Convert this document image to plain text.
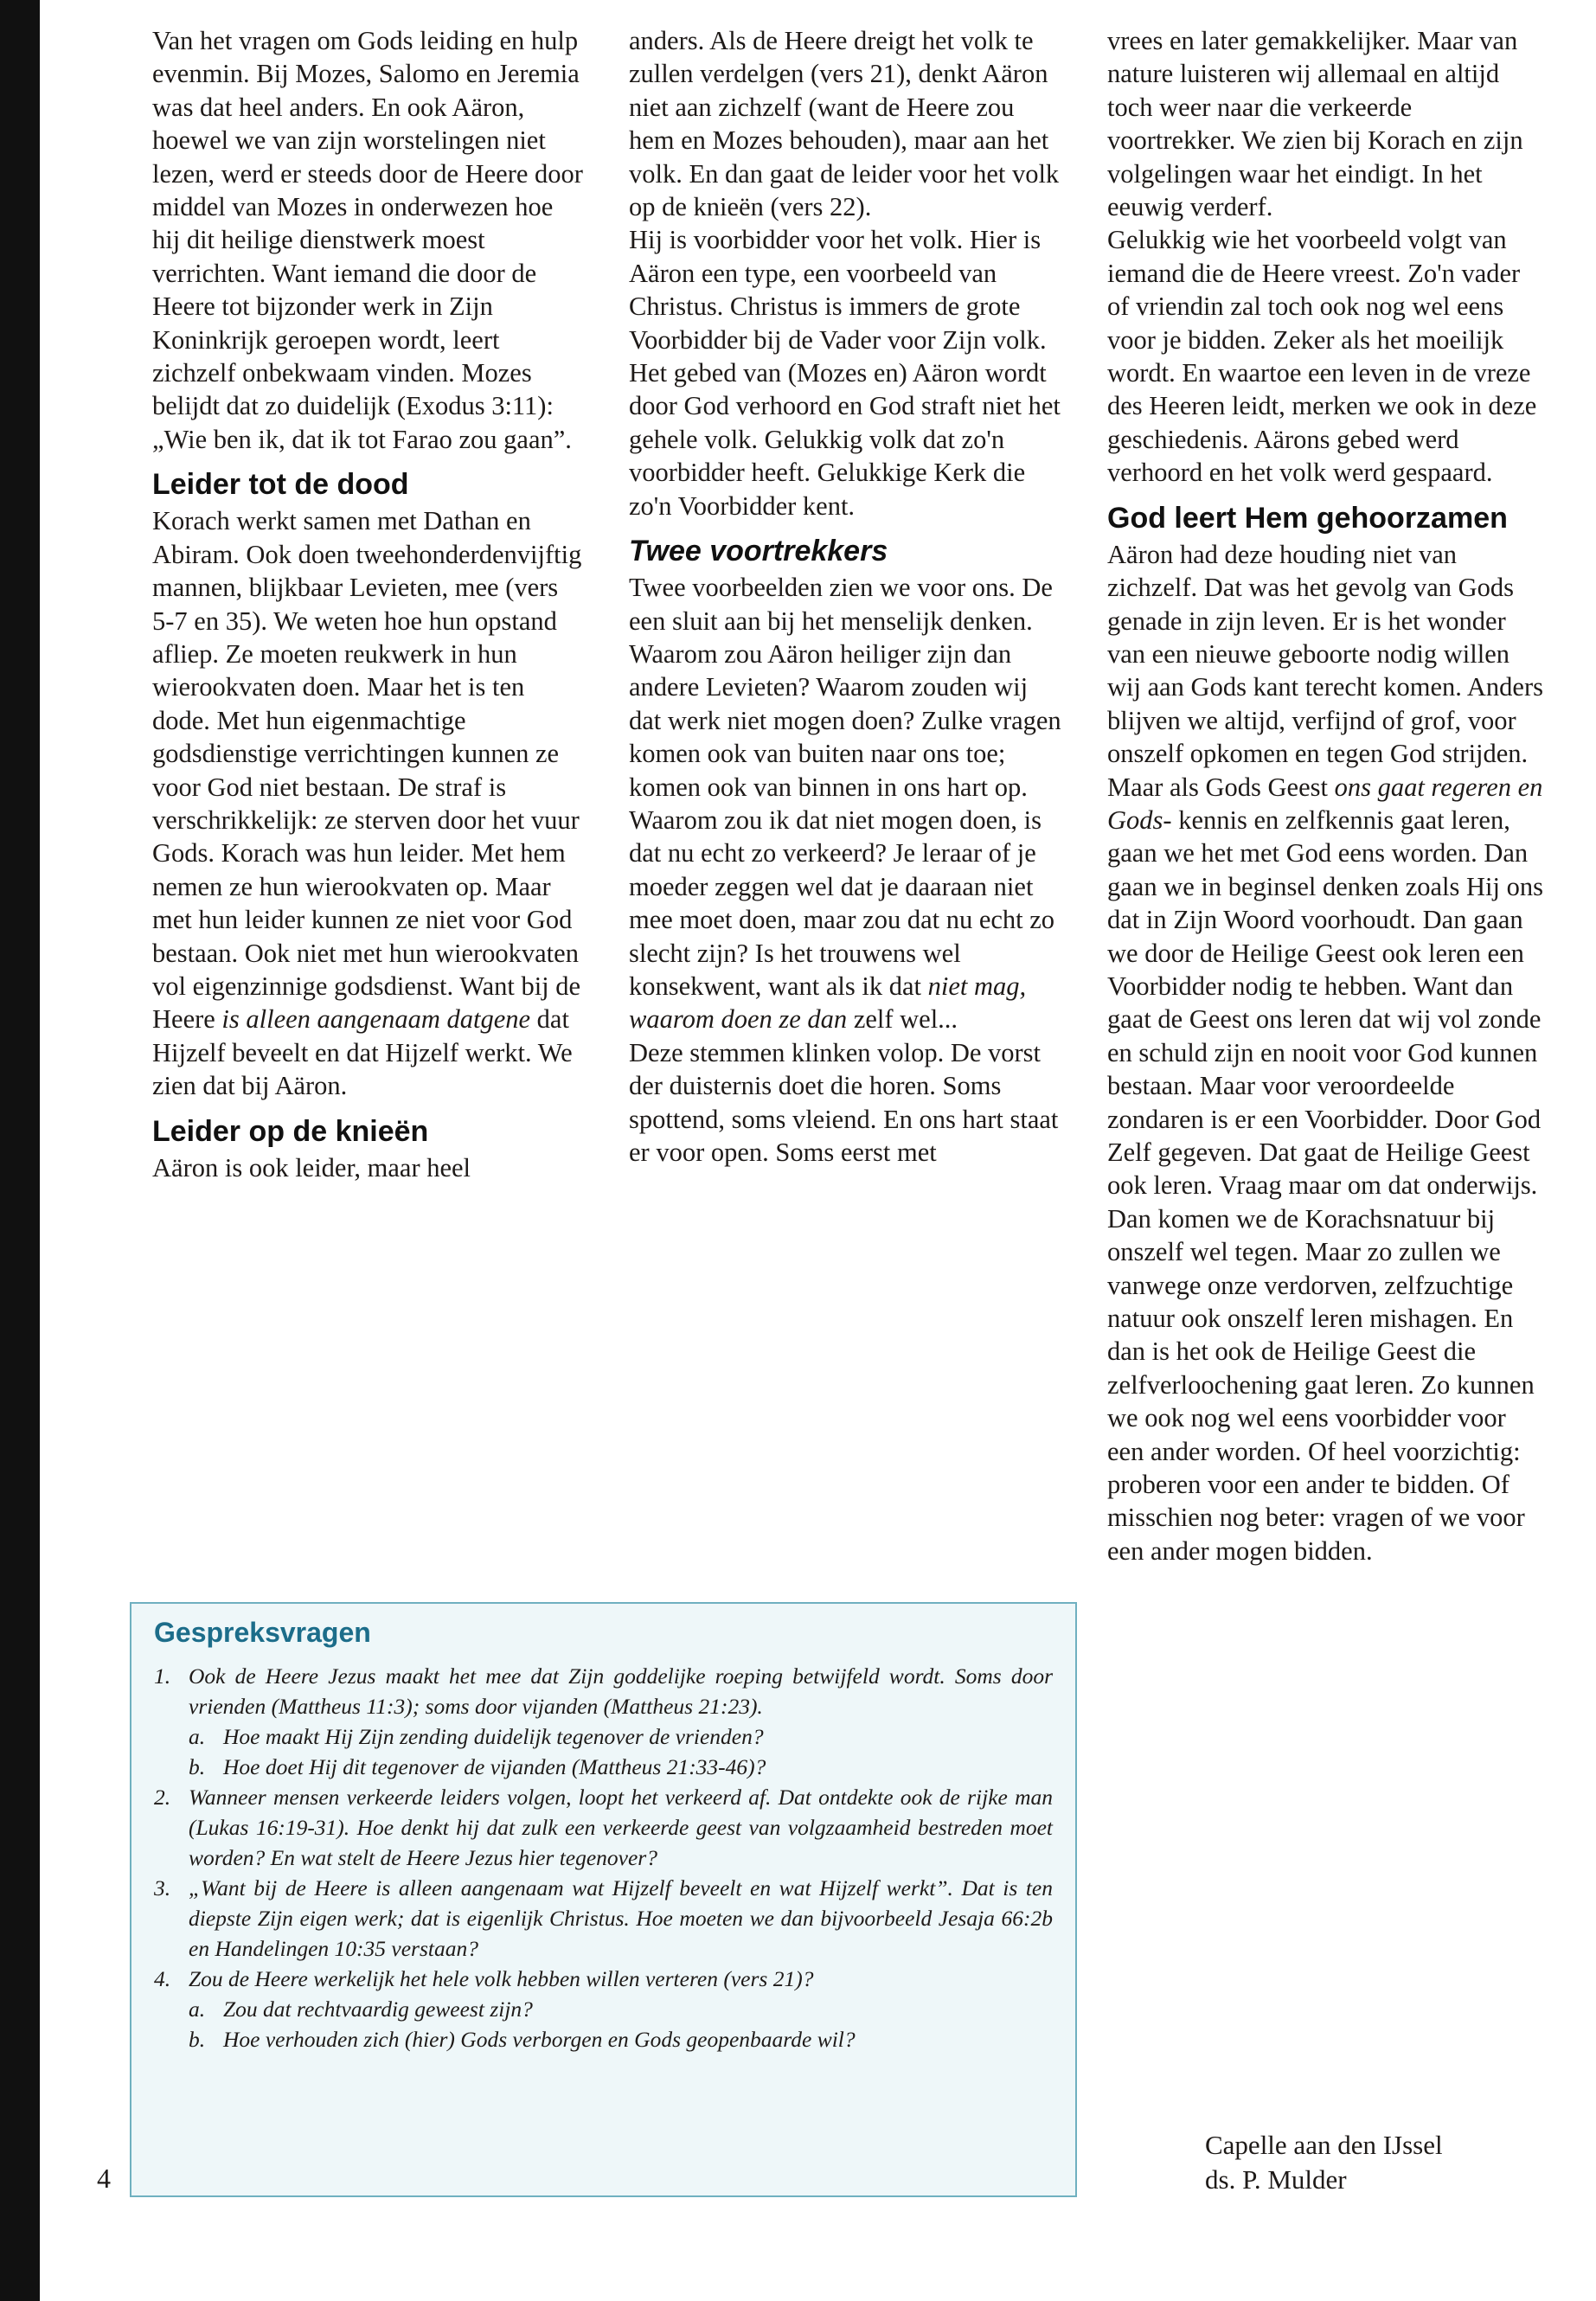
Van het vragen om Gods leiding en hulp evenmin. Bij Mozes, Salomo en Jeremia was dat heel anders. En ook Aäron, hoewel we van zijn worstelingen niet lezen, werd er steeds door de Heere door middel van Mozes in onderwezen hoe hij dit heilige dienstwerk moest verrichten. Want iemand die door de Heere tot bijzonder werk in Zijn Koninkrijk geroepen wordt, leert zichzelf onbekwaam vinden. Mozes belijdt dat zo duidelijk (Exodus 3:11): „Wie ben ik, dat ik tot Farao zou gaan”.

Leider tot de dood

Korach werkt samen met Dathan en Abiram. Ook doen tweehonderdenvijftig mannen, blijkbaar Levieten, mee (vers 5-7 en 35). We weten hoe hun opstand afliep. Ze moeten reukwerk in hun wierookvaten doen. Maar het is ten dode. Met hun eigenmachtige godsdienstige verrichtingen kunnen ze voor God niet bestaan. De straf is verschrikkelijk: ze sterven door het vuur Gods. Korach was hun leider. Met hem nemen ze hun wierookvaten op. Maar met hun leider kunnen ze niet voor God bestaan. Ook niet met hun wierookvaten vol eigenzinnige godsdienst. Want bij de Heere is alleen aangenaam datgene dat Hijzelf beveelt en dat Hijzelf werkt. We zien dat bij Aäron.

Leider op de knieën

Aäron is ook leider, maar heel

anders. Als de Heere dreigt het volk te zullen verdelgen (vers 21), denkt Aäron niet aan zichzelf (want de Heere zou hem en Mozes behouden), maar aan het volk. En dan gaat de leider voor het volk op de knieën (vers 22).

Hij is voorbidder voor het volk. Hier is Aäron een type, een voorbeeld van Christus. Christus is immers de grote Voorbidder bij de Vader voor Zijn volk.

Het gebed van (Mozes en) Aäron wordt door God verhoord en God straft niet het gehele volk. Gelukkig volk dat zo'n voorbidder heeft. Gelukkige Kerk die zo'n Voorbidder kent.

Twee voortrekkers

Twee voorbeelden zien we voor ons. De een sluit aan bij het menselijk denken. Waarom zou Aäron heiliger zijn dan andere Levieten? Waarom zouden wij dat werk niet mogen doen? Zulke vragen komen ook van buiten naar ons toe; komen ook van binnen in ons hart op. Waarom zou ik dat niet mogen doen, is dat nu echt zo verkeerd? Je leraar of je moeder zeggen wel dat je daaraan niet mee moet doen, maar zou dat nu echt zo slecht zijn? Is het trouwens wel konsekwent, want als ik dat niet mag, waarom doen ze dan zelf wel...

Deze stemmen klinken volop. De vorst der duisternis doet die horen. Soms spottend, soms vleiend. En ons hart staat er voor open. Soms eerst met

vrees en later gemakkelijker. Maar van nature luisteren wij allemaal en altijd toch weer naar die verkeerde voortrekker. We zien bij Korach en zijn volgelingen waar het eindigt. In het eeuwig verderf.

Gelukkig wie het voorbeeld volgt van iemand die de Heere vreest. Zo'n vader of vriendin zal toch ook nog wel eens voor je bidden. Zeker als het moeilijk wordt. En waartoe een leven in de vreze des Heeren leidt, merken we ook in deze geschiedenis. Aärons gebed werd verhoord en het volk werd gespaard.

God leert Hem gehoorzamen

Aäron had deze houding niet van zichzelf. Dat was het gevolg van Gods genade in zijn leven. Er is het wonder van een nieuwe geboorte nodig willen wij aan Gods kant terecht komen. Anders blijven we altijd, verfijnd of grof, voor onszelf opkomen en tegen God strijden. Maar als Gods Geest ons gaat regeren en Gods- kennis en zelfkennis gaat leren, gaan we het met God eens worden. Dan gaan we in beginsel denken zoals Hij ons dat in Zijn Woord voorhoudt. Dan gaan we door de Heilige Geest ook leren een Voorbidder nodig te hebben. Want dan gaat de Geest ons leren dat wij vol zonde en schuld zijn en nooit voor God kunnen bestaan. Maar voor veroordeelde zondaren is er een Voorbidder. Door God Zelf gegeven. Dat gaat de Heilige Geest ook leren. Vraag maar om dat onderwijs. Dan komen we de Korachsnatuur bij onszelf wel tegen. Maar zo zullen we vanwege onze verdorven, zelfzuchtige natuur ook onszelf leren mishagen. En dan is het ook de Heilige Geest die zelfverloochening gaat leren. Zo kunnen we ook nog wel eens voorbidder voor een ander worden. Of heel voorzichtig: proberen voor een ander te bidden. Of misschien nog beter: vragen of we voor een ander mogen bidden.

Gespreksvragen
1. Ook de Heere Jezus maakt het mee dat Zijn goddelijke roeping betwijfeld wordt. Soms door vrienden (Mattheus 11:3); soms door vijanden (Mattheus 21:23).
a. Hoe maakt Hij Zijn zending duidelijk tegenover de vrienden?
b. Hoe doet Hij dit tegenover de vijanden (Mattheus 21:33-46)?
2. Wanneer mensen verkeerde leiders volgen, loopt het verkeerd af. Dat ontdekte ook de rijke man (Lukas 16:19-31). Hoe denkt hij dat zulk een verkeerde geest van volgzaamheid bestreden moet worden? En wat stelt de Heere Jezus hier tegenover?
3. „Want bij de Heere is alleen aangenaam wat Hijzelf beveelt en wat Hijzelf werkt”. Dat is ten diepste Zijn eigen werk; dat is eigenlijk Christus. Hoe moeten we dan bijvoorbeeld Jesaja 66:2b en Handelingen 10:35 verstaan?
4. Zou de Heere werkelijk het hele volk hebben willen verteren (vers 21)?
a. Zou dat rechtvaardig geweest zijn?
b. Hoe verhouden zich (hier) Gods verborgen en Gods geopenbaarde wil?
4
Capelle aan den IJssel
ds. P. Mulder
